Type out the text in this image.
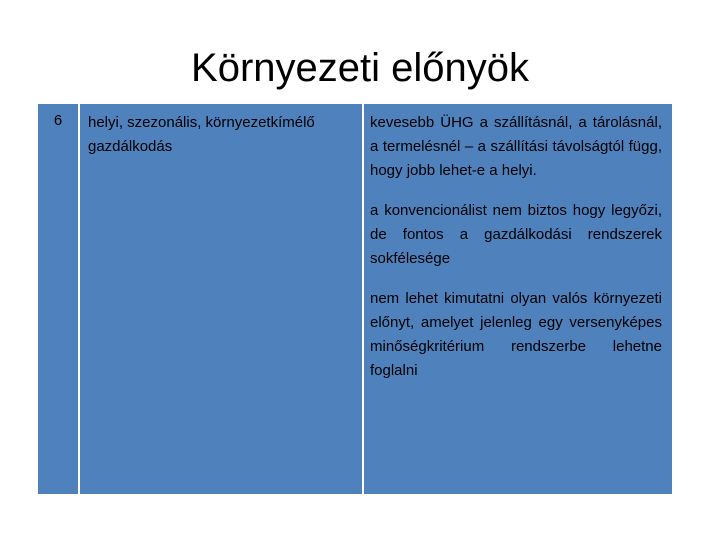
Környezeti előnyök
6	helyi, szezonális, környezetkímélő gazdálkodás

kevesebb ÜHG a szállításnál, a tárolásnál, a termelésnél – a szállítási távolságtól függ, hogy jobb lehet-e a helyi.

a konvencionálist nem biztos hogy legyőzi, de fontos a gazdálkodási rendszerek sokfélesége

nem lehet kimutatni olyan valós környezeti előnyt, amelyet jelenleg egy versenyképes minőségkritérium rendszerbe lehetne foglalni
